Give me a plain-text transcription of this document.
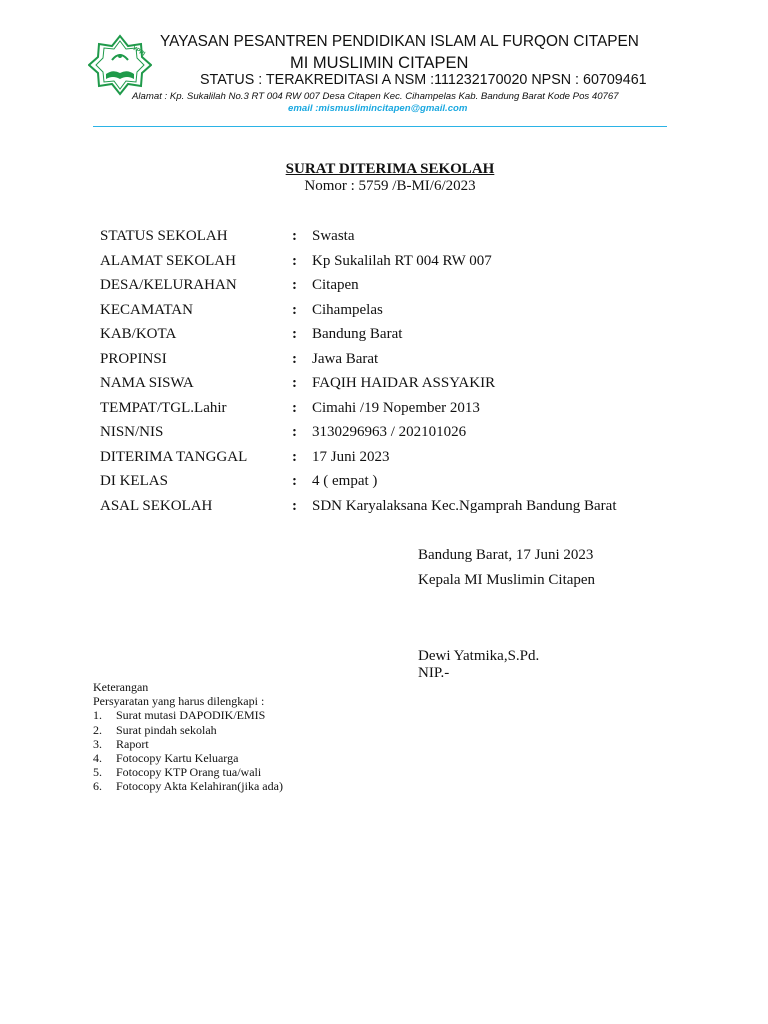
YPPI
YAYASAN PESANTREN PENDIDIKAN ISLAM AL FURQON CITAPEN
MI MUSLIMIN CITAPEN
STATUS : TERAKREDITASI A NSM :111232170020 NPSN : 60709461
Alamat : Kp. Sukalilah No.3 RT 004 RW 007 Desa Citapen Kec. Cihampelas Kab. Bandung Barat Kode Pos 40767
email :mismuslimincitapen@gmail.com
SURAT DITERIMA SEKOLAH
Nomor : 5759 /B-MI/6/2023
STATUS SEKOLAH	: Swasta
ALAMAT SEKOLAH	: Kp Sukalilah RT 004 RW 007
DESA/KELURAHAN	: Citapen
KECAMATAN	: Cihampelas
KAB/KOTA	: Bandung Barat
PROPINSI	: Jawa Barat
NAMA SISWA	: FAQIH HAIDAR ASSYAKIR
TEMPAT/TGL.Lahir	: Cimahi /19 Nopember 2013
NISN/NIS	: 3130296963 / 202101026
DITERIMA TANGGAL	: 17 Juni 2023
DI KELAS	: 4 ( empat )
ASAL SEKOLAH	: SDN Karyalaksana Kec.Ngamprah Bandung Barat
Bandung Barat, 17 Juni 2023
Kepala MI Muslimin Citapen
Dewi Yatmika,S.Pd.
NIP.-
Keterangan
Persyaratan yang harus dilengkapi :
1. Surat mutasi DAPODIK/EMIS
2. Surat pindah sekolah
3. Raport
4. Fotocopy Kartu Keluarga
5. Fotocopy KTP Orang tua/wali
6. Fotocopy Akta Kelahiran(jika ada)
